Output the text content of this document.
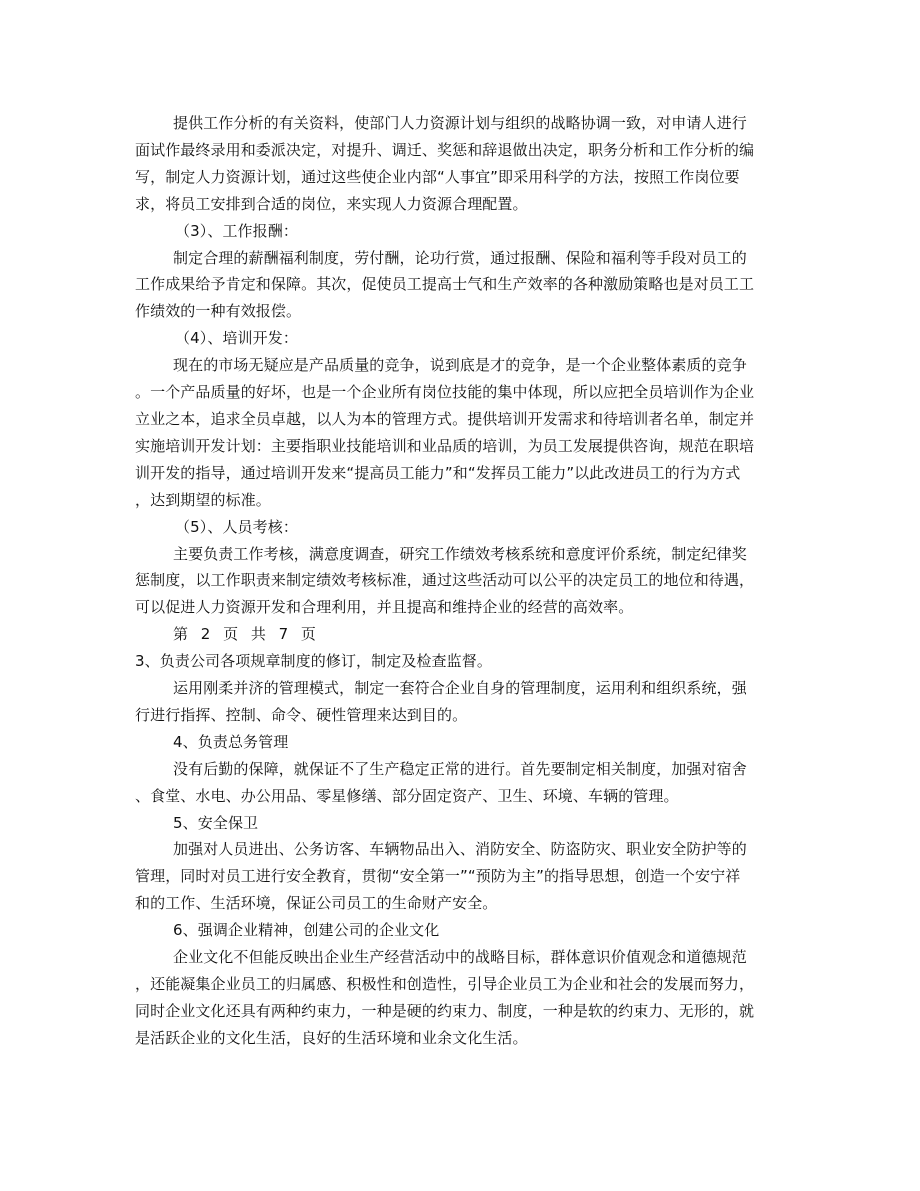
提供工作分析的有关资料，使部门人力资源计划与组织的战略协调一致，对申请人进行
面试作最终录用和委派决定，对提升、调迁、奖惩和辞退做出决定，职务分析和工作分析的编
写，制定人力资源计划，通过这些使企业内部“人事宜”即采用科学的方法，按照工作岗位要
求，将员工安排到合适的岗位，来实现人力资源合理配置。
（3）、工作报酬：
制定合理的薪酬福利制度，劳付酬，论功行赏，通过报酬、保险和福利等手段对员工的
工作成果给予肯定和保障。其次，促使员工提高士气和生产效率的各种激励策略也是对员工工
作绩效的一种有效报偿。
（4）、培训开发：
现在的市场无疑应是产品质量的竞争，说到底是才的竞争，是一个企业整体素质的竞争
。一个产品质量的好坏，也是一个企业所有岗位技能的集中体现，所以应把全员培训作为企业
立业之本，追求全员卓越，以人为本的管理方式。提供培训开发需求和待培训者名单，制定并
实施培训开发计划：主要指职业技能培训和业品质的培训，为员工发展提供咨询，规范在职培
训开发的指导，通过培训开发来“提高员工能力”和“发挥员工能力”以此改进员工的行为方式
，达到期望的标准。
（5）、人员考核：
主要负责工作考核，满意度调查，研究工作绩效考核系统和意度评价系统，制定纪律奖
惩制度，以工作职责来制定绩效考核标准，通过这些活动可以公平的决定员工的地位和待遇，
可以促进人力资源开发和合理利用，并且提高和维持企业的经营的高效率。
第 2 页 共 7 页
3、负责公司各项规章制度的修订，制定及检查监督。
运用刚柔并济的管理模式，制定一套符合企业自身的管理制度，运用利和组织系统，强
行进行指挥、控制、命令、硬性管理来达到目的。
4、负责总务管理
没有后勤的保障，就保证不了生产稳定正常的进行。首先要制定相关制度，加强对宿舍
、食堂、水电、办公用品、零星修缮、部分固定资产、卫生、环境、车辆的管理。
5、安全保卫
加强对人员进出、公务访客、车辆物品出入、消防安全、防盗防灾、职业安全防护等的
管理，同时对员工进行安全教育，贯彻“安全第一”“预防为主”的指导思想，创造一个安宁祥
和的工作、生活环境，保证公司员工的生命财产安全。
6、强调企业精神，创建公司的企业文化
企业文化不但能反映出企业生产经营活动中的战略目标，群体意识价值观念和道德规范
，还能凝集企业员工的归属感、积极性和创造性，引导企业员工为企业和社会的发展而努力，
同时企业文化还具有两种约束力，一种是硬的约束力、制度，一种是软的约束力、无形的，就
是活跃企业的文化生活，良好的生活环境和业余文化生活。
